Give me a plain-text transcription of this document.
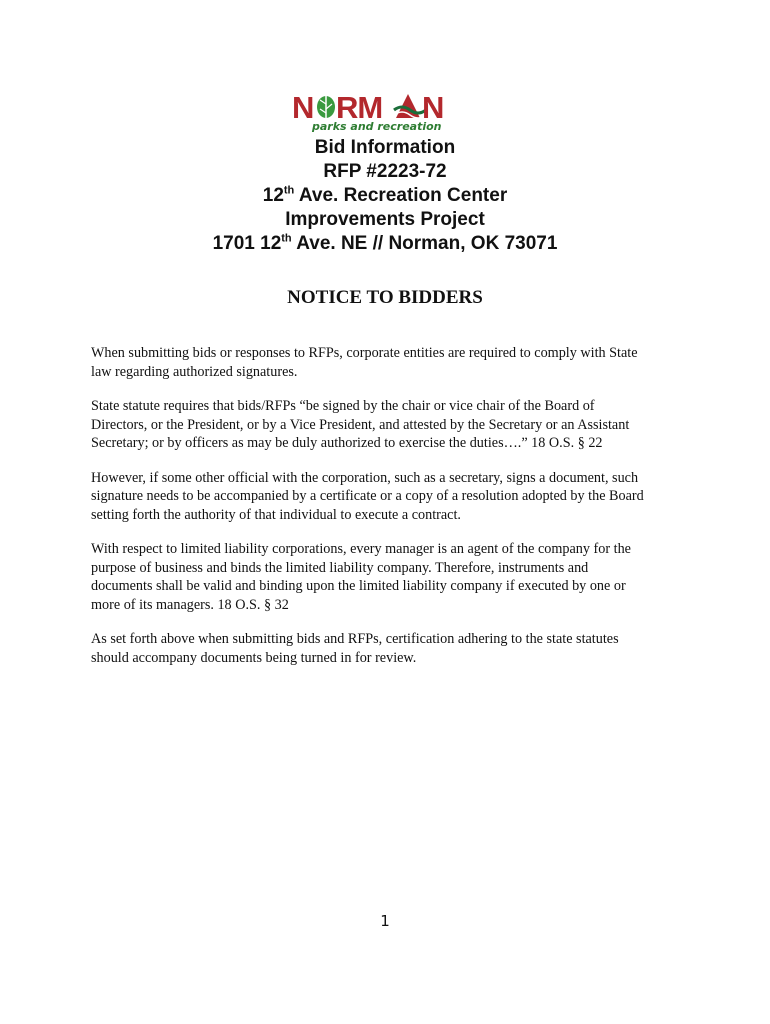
N RM N
parks and recreation
Bid Information
RFP #2223-72
12th Ave. Recreation Center
Improvements Project
1701 12th Ave. NE // Norman, OK 73071
NOTICE TO BIDDERS

When submitting bids or responses to RFPs, corporate entities are required to comply with State
law regarding authorized signatures.

State statute requires that bids/RFPs “be signed by the chair or vice chair of the Board of
Directors, or the President, or by a Vice President, and attested by the Secretary or an Assistant
Secretary; or by officers as may be duly authorized to exercise the duties….” 18 O.S. § 22

However, if some other official with the corporation, such as a secretary, signs a document, such
signature needs to be accompanied by a certificate or a copy of a resolution adopted by the Board
setting forth the authority of that individual to execute a contract.

With respect to limited liability corporations, every manager is an agent of the company for the
purpose of business and binds the limited liability company. Therefore, instruments and
documents shall be valid and binding upon the limited liability company if executed by one or
more of its managers. 18 O.S. § 32

As set forth above when submitting bids and RFPs, certification adhering to the state statutes
should accompany documents being turned in for review.

1
